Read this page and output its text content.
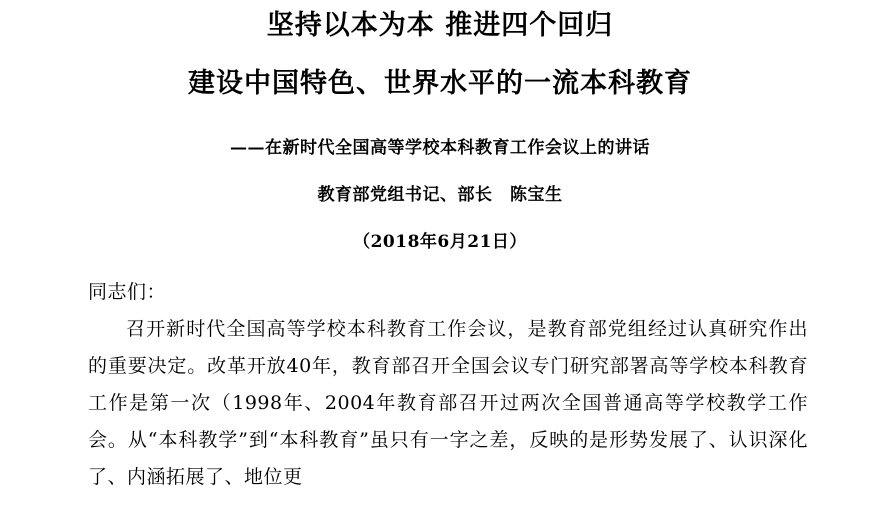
坚持以本为本 推进四个回归
建设中国特色、世界水平的一流本科教育

——在新时代全国高等学校本科教育工作会议上的讲话

教育部党组书记、部长　陈宝生

（2018年6月21日）

同志们：

召开新时代全国高等学校本科教育工作会议，是教育部党组经过认真研究作出的重要决定。改革开放40年，教育部召开全国会议专门研究部署高等学校本科教育工作是第一次（1998年、2004年教育部召开过两次全国普通高等学校教学工作会。从“本科教学”到“本科教育”虽只有一字之差，反映的是形势发展了、认识深化了、内涵拓展了、地位更
